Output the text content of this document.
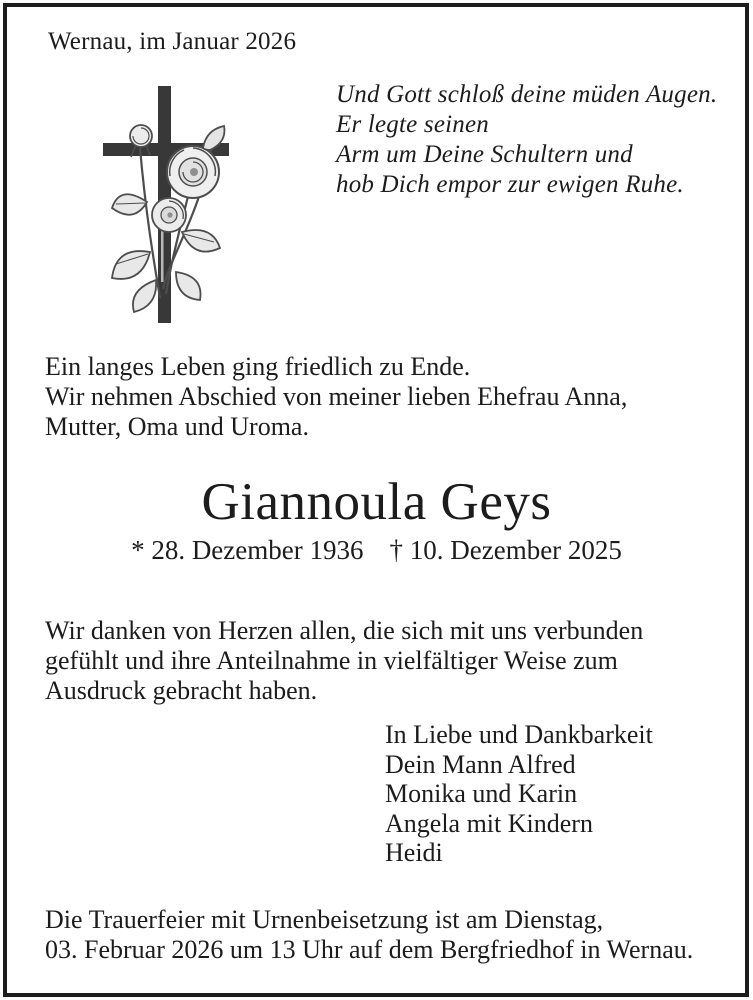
Wernau, im Januar 2026
Und Gott schloß deine müden Augen.
Er legte seinen
Arm um Deine Schultern und
hob Dich empor zur ewigen Ruhe.
Ein langes Leben ging friedlich zu Ende.
Wir nehmen Abschied von meiner lieben Ehefrau Anna,
Mutter, Oma und Uroma.
Giannoula Geys
* 28. Dezember 1936 † 10. Dezember 2025
Wir danken von Herzen allen, die sich mit uns verbunden
gefühlt und ihre Anteilnahme in vielfältiger Weise zum
Ausdruck gebracht haben.
In Liebe und Dankbarkeit
Dein Mann Alfred
Monika und Karin
Angela mit Kindern
Heidi
Die Trauerfeier mit Urnenbeisetzung ist am Dienstag,
03. Februar 2026 um 13 Uhr auf dem Bergfriedhof in Wernau.
